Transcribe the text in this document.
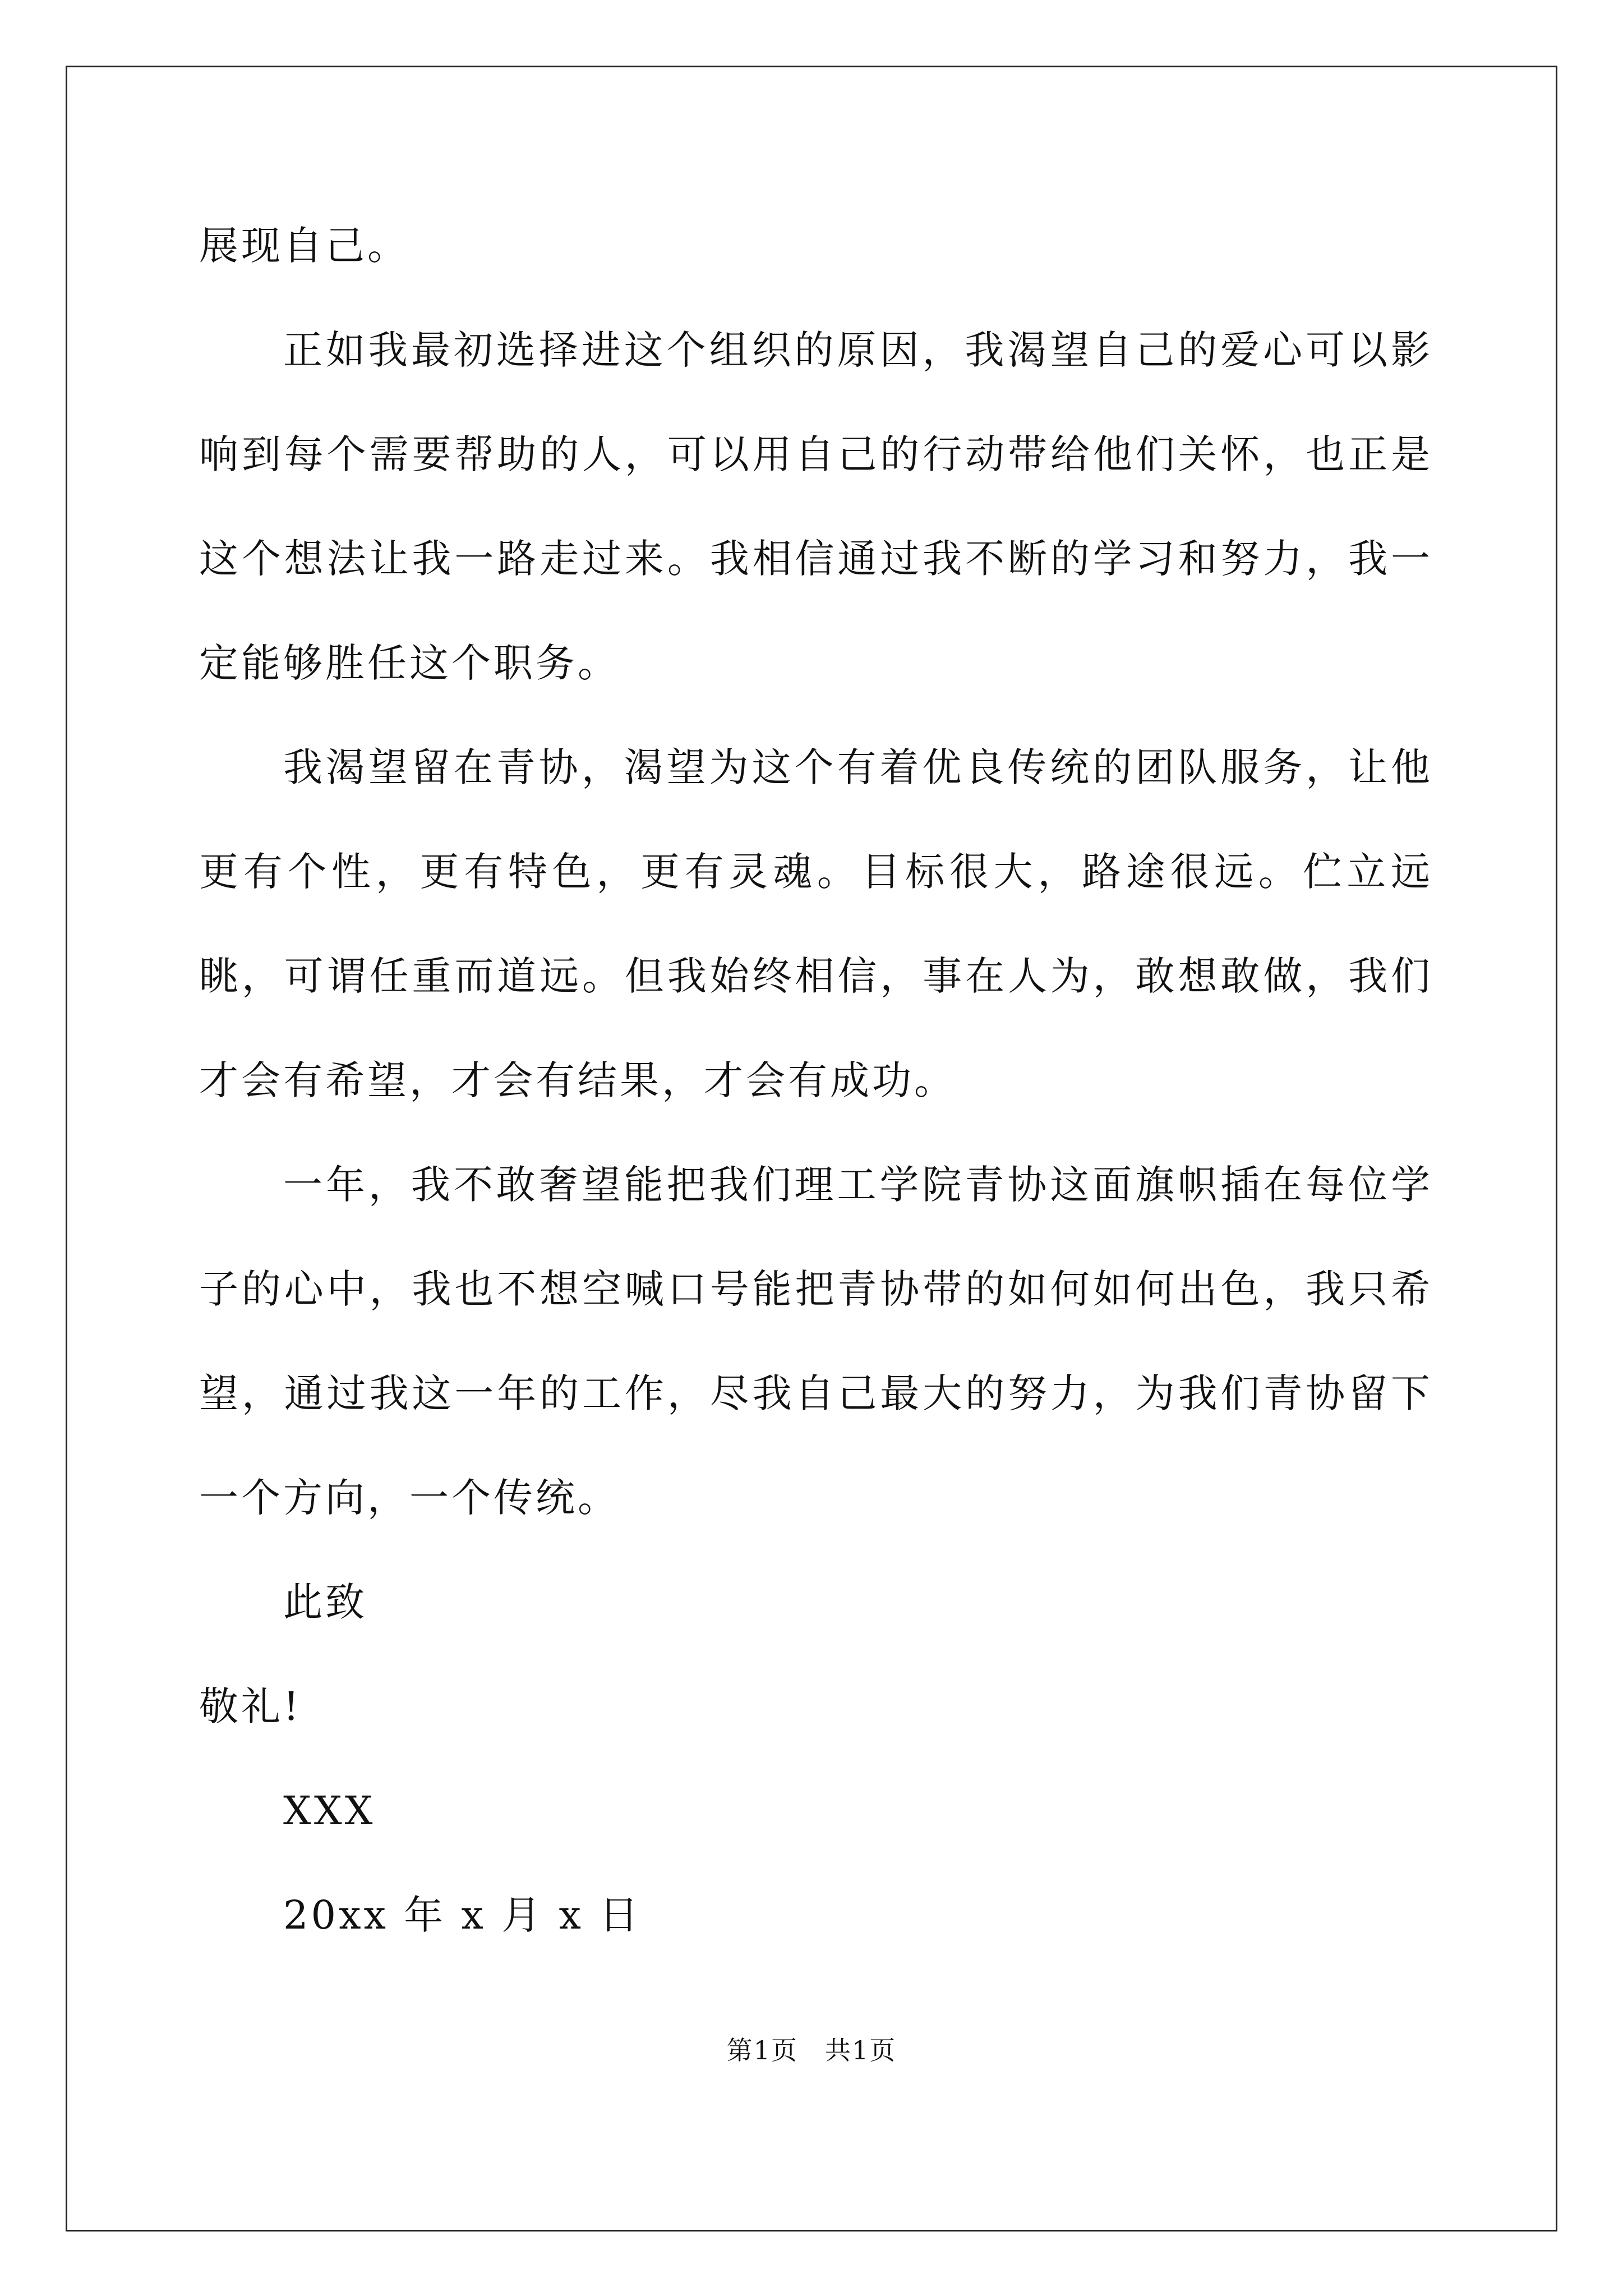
展现自己。

正如我最初选择进这个组织的原因，我渴望自己的爱心可以影响到每个需要帮助的人，可以用自己的行动带给他们关怀，也正是这个想法让我一路走过来。我相信通过我不断的学习和努力，我一定能够胜任这个职务。

我渴望留在青协，渴望为这个有着优良传统的团队服务，让他更有个性，更有特色，更有灵魂。目标很大，路途很远。伫立远眺，可谓任重而道远。但我始终相信，事在人为，敢想敢做，我们才会有希望，才会有结果，才会有成功。

一年，我不敢奢望能把我们理工学院青协这面旗帜插在每位学子的心中，我也不想空喊口号能把青协带的如何如何出色，我只希望，通过我这一年的工作，尽我自己最大的努力，为我们青协留下一个方向，一个传统。

此致

敬礼!

XXX

20xx 年 x 月 x 日

第1页　共1页
